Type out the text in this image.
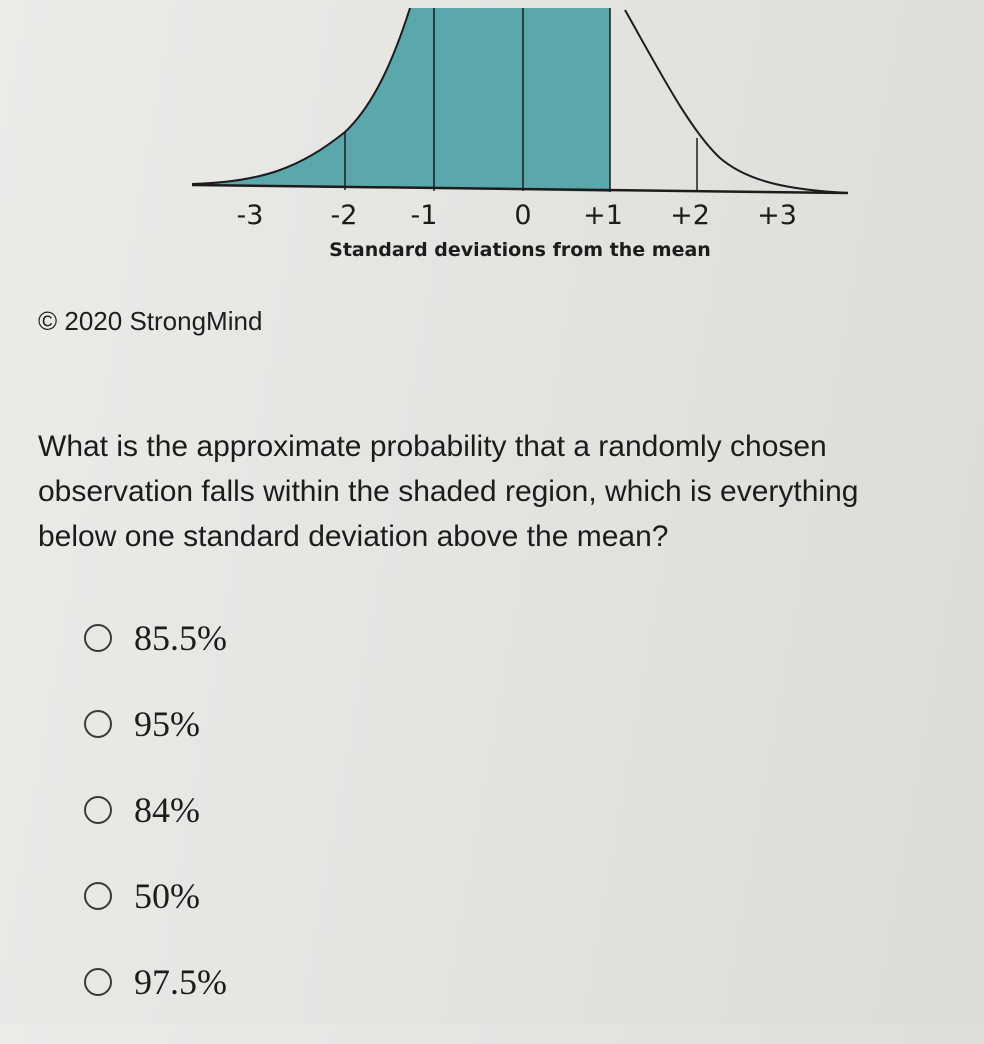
-3 -2 -1	0 +1 +2 +3
Standard deviations from the mean

© 2020 StrongMind

What is the approximate probability that a randomly chosen observation falls within the shaded region, which is everything below one standard deviation above the mean?

85.5%
95%
84%
50%
97.5%
